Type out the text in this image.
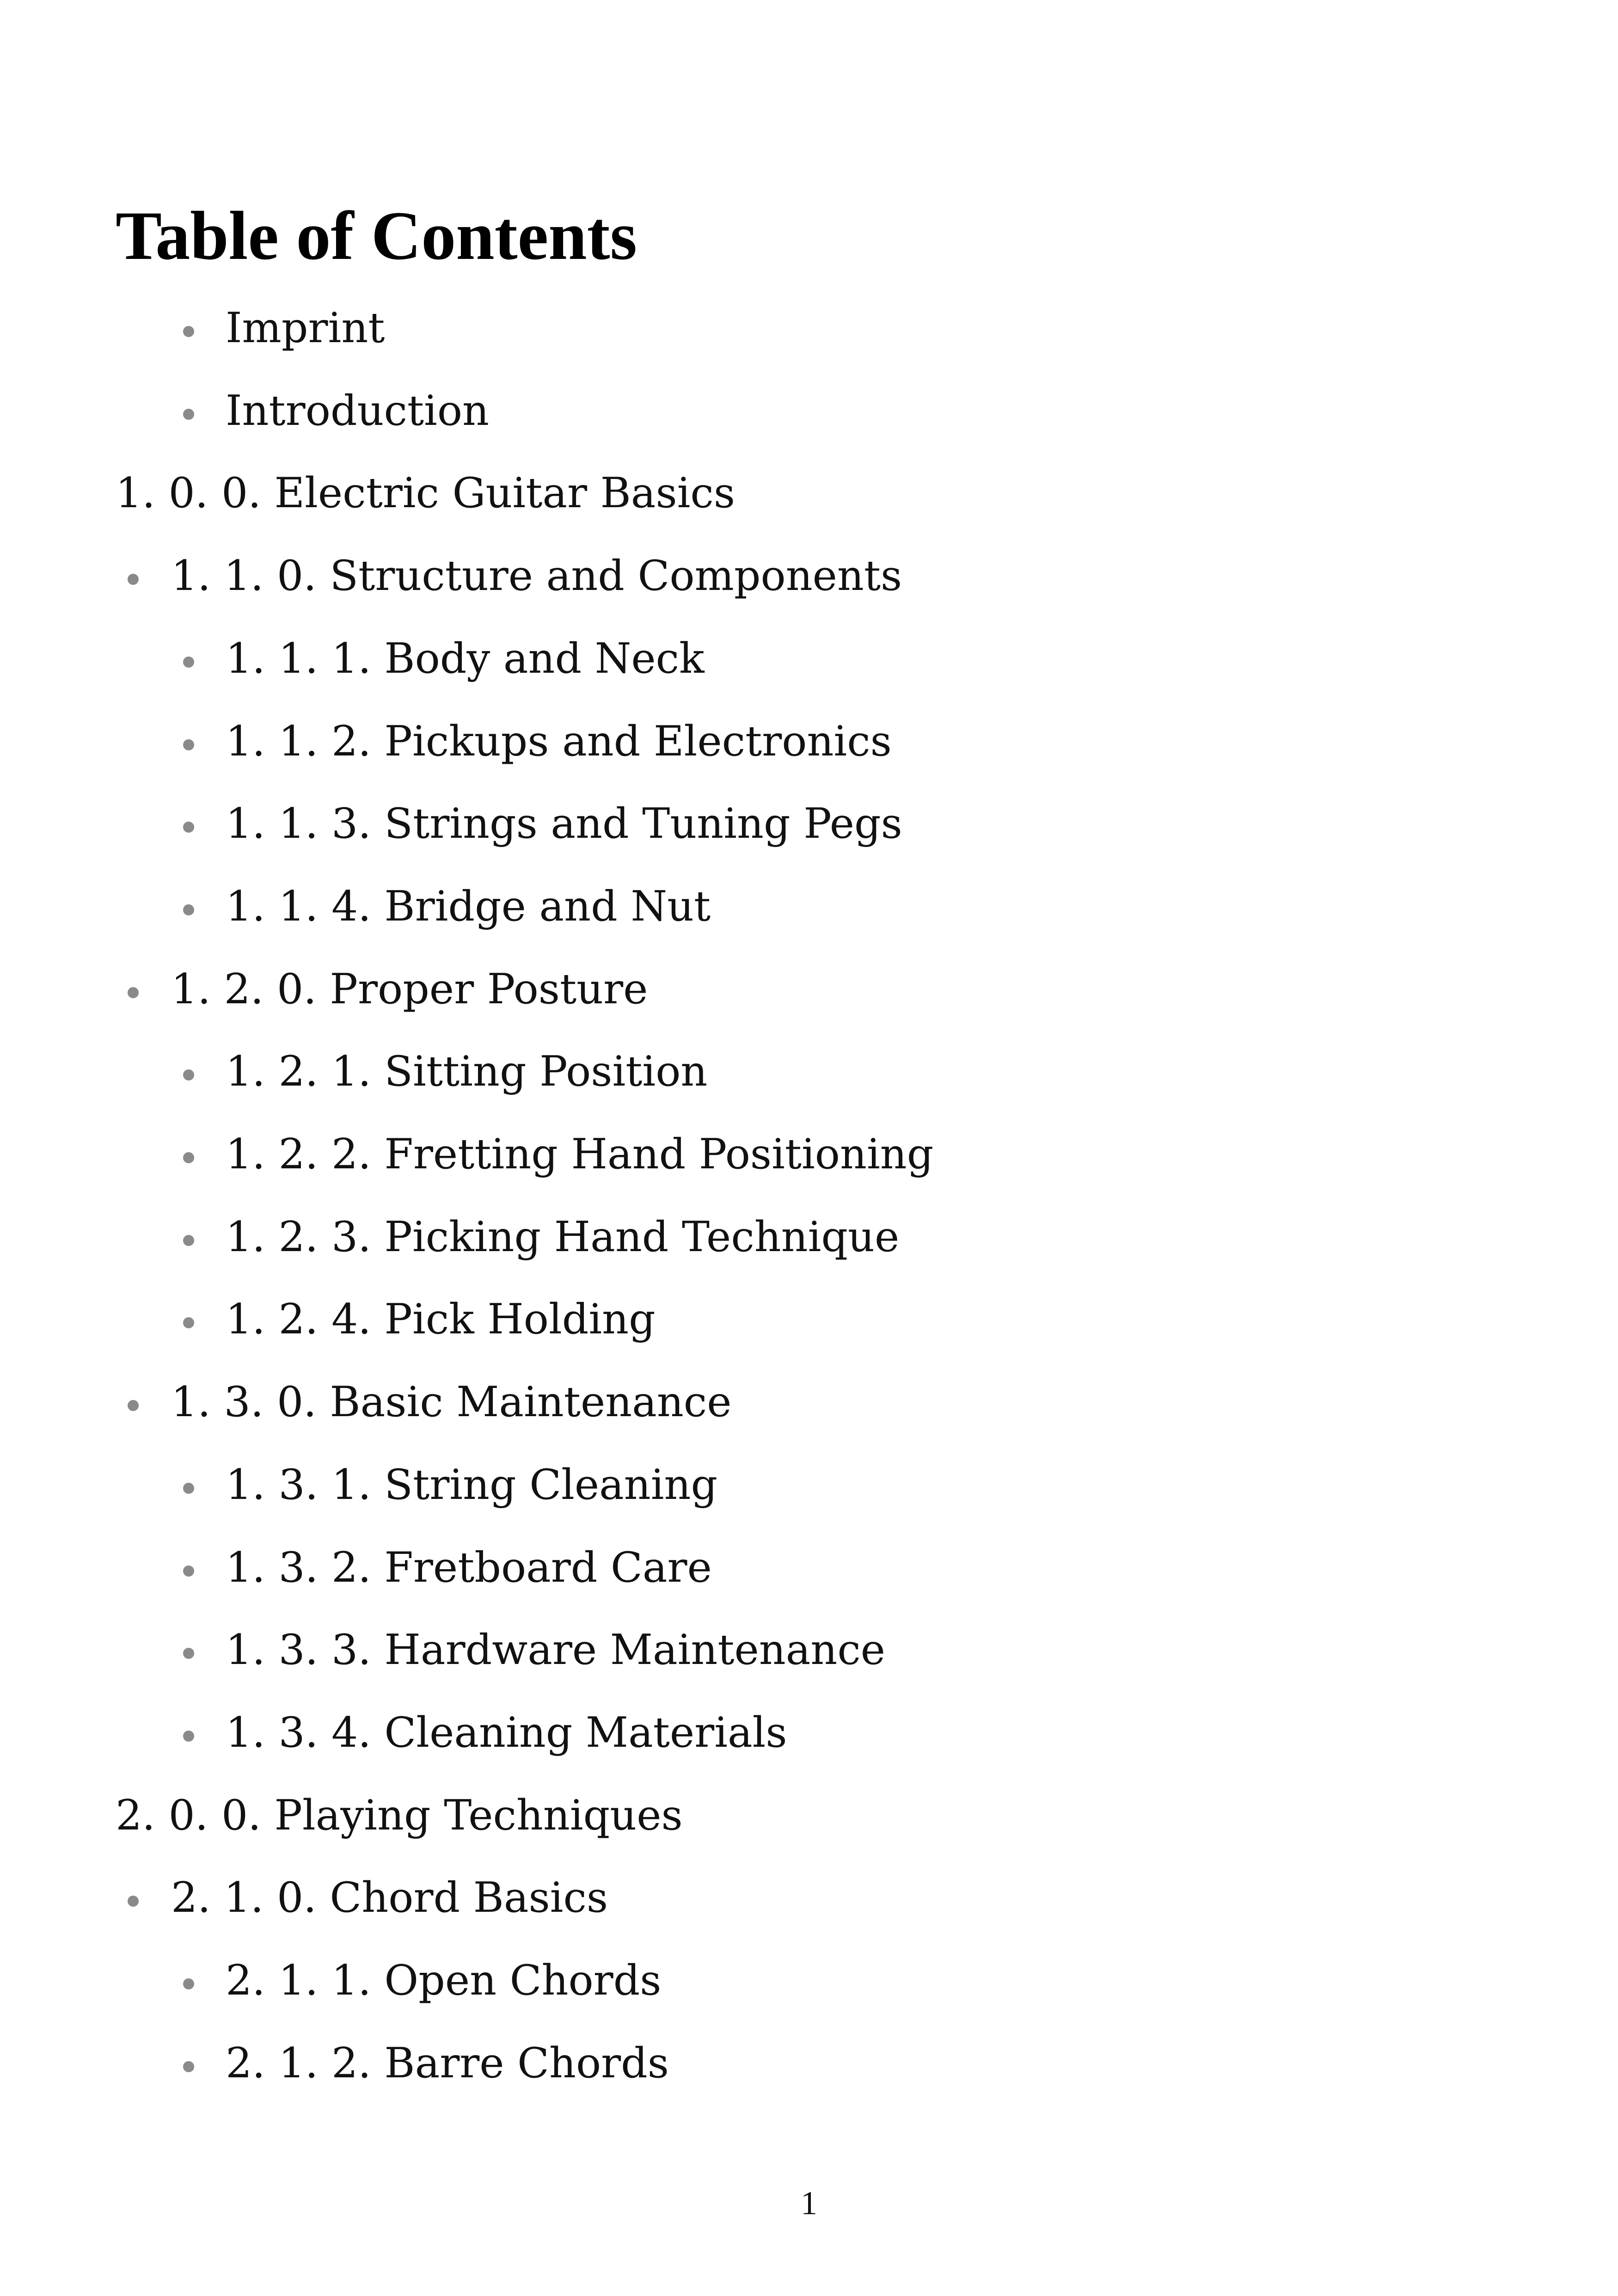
Table of Contents
Imprint
Introduction
1. 0. 0. Electric Guitar Basics
1. 1. 0. Structure and Components
1. 1. 1. Body and Neck
1. 1. 2. Pickups and Electronics
1. 1. 3. Strings and Tuning Pegs
1. 1. 4. Bridge and Nut
1. 2. 0. Proper Posture
1. 2. 1. Sitting Position
1. 2. 2. Fretting Hand Positioning
1. 2. 3. Picking Hand Technique
1. 2. 4. Pick Holding
1. 3. 0. Basic Maintenance
1. 3. 1. String Cleaning
1. 3. 2. Fretboard Care
1. 3. 3. Hardware Maintenance
1. 3. 4. Cleaning Materials
2. 0. 0. Playing Techniques
2. 1. 0. Chord Basics
2. 1. 1. Open Chords
2. 1. 2. Barre Chords
1
